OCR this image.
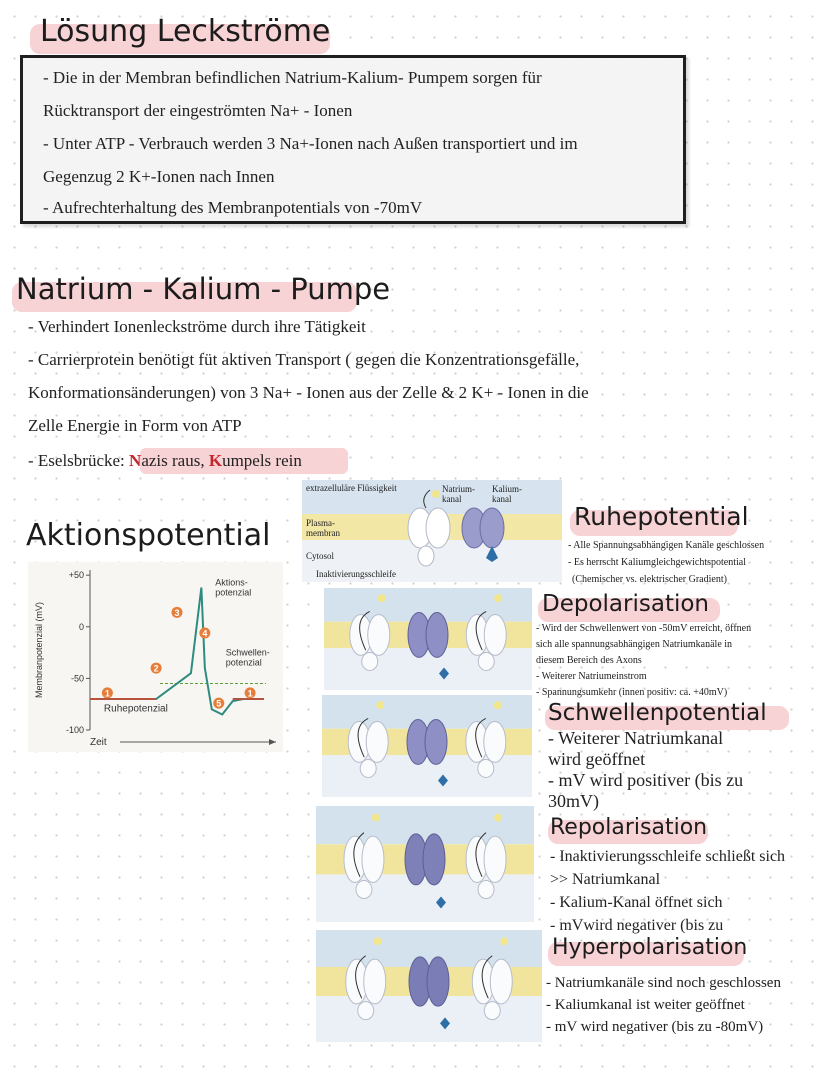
Lösung Leckströme

- Die in der Membran befindlichen Natrium-Kalium- Pumpem sorgen für

Rücktransport der eingeströmten Na+ - Ionen

- Unter ATP - Verbrauch werden 3 Na+-Ionen nach Außen transportiert und im

Gegenzug 2 K+-Ionen nach Innen

- Aufrechterhaltung des Membranpotentials von -70mV

Natrium - Kalium - Pumpe
- Verhindert Ionenleckströme durch ihre Tätigkeit
- Carrierprotein benötigt füt aktiven Transport ( gegen die Konzentrationsgefälle,
Konformationsänderungen) von 3 Na+ - Ionen aus der Zelle & 2 K+ - Ionen in die
Zelle Energie in Form von ATP
- Eselsbrücke: Nazis raus, Kumpels rein
Aktionspotential
+50
0
-50
-100
Membranpotenzial (mV)
Zeit
Aktions-
potenzial
Schwellen-
potenzial
Ruhepotenzial
1
2
3
4
5
1
extrazelluläre Flüssigkeit	Natrium-
kanal
Kalium-
kanal
Plasma-
membran
Cytosol
Inaktivierungsschleife
Ruhepotential
- Alle Spannungsabhängigen Kanäle geschlossen
- Es herrscht Kaliumgleichgewichtspotential
(Chemischer vs. elektrischer Gradient)
Depolarisation
- Wird der Schwellenwert von -50mV erreicht, öffnen
sich alle spannungsabhängigen Natriumkanäle in
diesem Bereich des Axons
- Weiterer Natriumeinstrom
- Spannungsumkehr (innen positiv: ca. +40mV)
Schwellenpotential
- Weiterer Natriumkanal
wird geöffnet
- mV wird positiver (bis zu
30mV)
Repolarisation
- Inaktivierungsschleife schließt sich
>> Natriumkanal
- Kalium-Kanal öffnet sich
- mVwird negativer (bis zu
Hyperpolarisation
- Natriumkanäle sind noch geschlossen
- Kaliumkanal ist weiter geöffnet
- mV wird negativer (bis zu -80mV)
